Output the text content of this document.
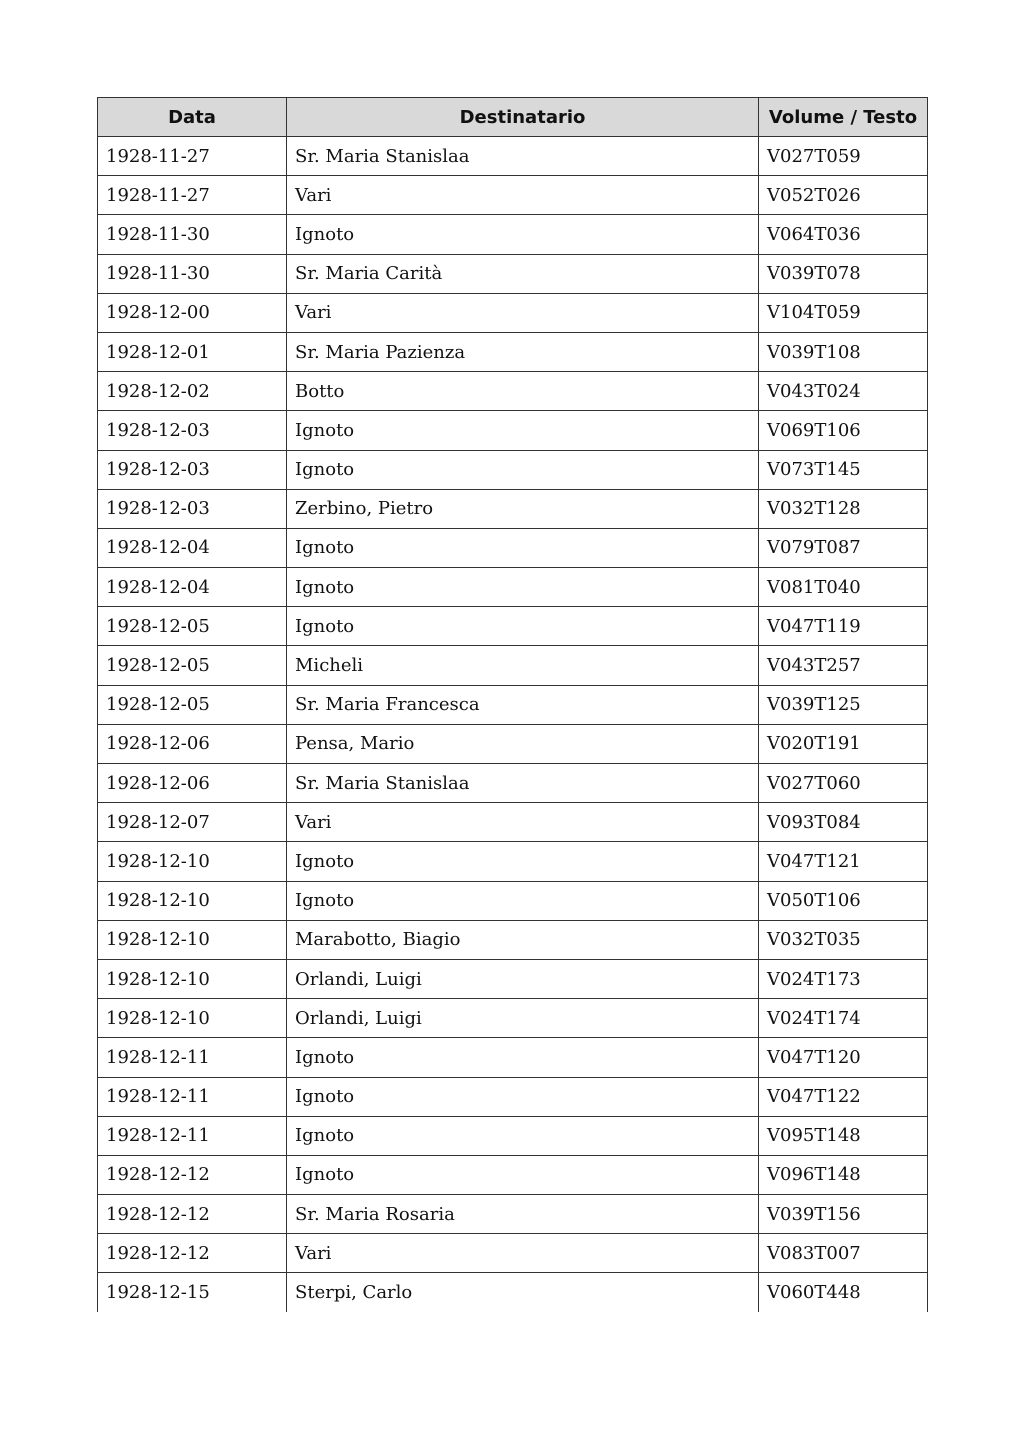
Data	Destinatario	Volume / Testo
1928-11-27	Sr. Maria Stanislaa	V027T059
1928-11-27	Vari	V052T026
1928-11-30	Ignoto	V064T036
1928-11-30	Sr. Maria Carità	V039T078
1928-12-00	Vari	V104T059
1928-12-01	Sr. Maria Pazienza	V039T108
1928-12-02	Botto	V043T024
1928-12-03	Ignoto	V069T106
1928-12-03	Ignoto	V073T145
1928-12-03	Zerbino, Pietro	V032T128
1928-12-04	Ignoto	V079T087
1928-12-04	Ignoto	V081T040
1928-12-05	Ignoto	V047T119
1928-12-05	Micheli	V043T257
1928-12-05	Sr. Maria Francesca	V039T125
1928-12-06	Pensa, Mario	V020T191
1928-12-06	Sr. Maria Stanislaa	V027T060
1928-12-07	Vari	V093T084
1928-12-10	Ignoto	V047T121
1928-12-10	Ignoto	V050T106
1928-12-10	Marabotto, Biagio	V032T035
1928-12-10	Orlandi, Luigi	V024T173
1928-12-10	Orlandi, Luigi	V024T174
1928-12-11	Ignoto	V047T120
1928-12-11	Ignoto	V047T122
1928-12-11	Ignoto	V095T148
1928-12-12	Ignoto	V096T148
1928-12-12	Sr. Maria Rosaria	V039T156
1928-12-12	Vari	V083T007
1928-12-15	Sterpi, Carlo	V060T448
